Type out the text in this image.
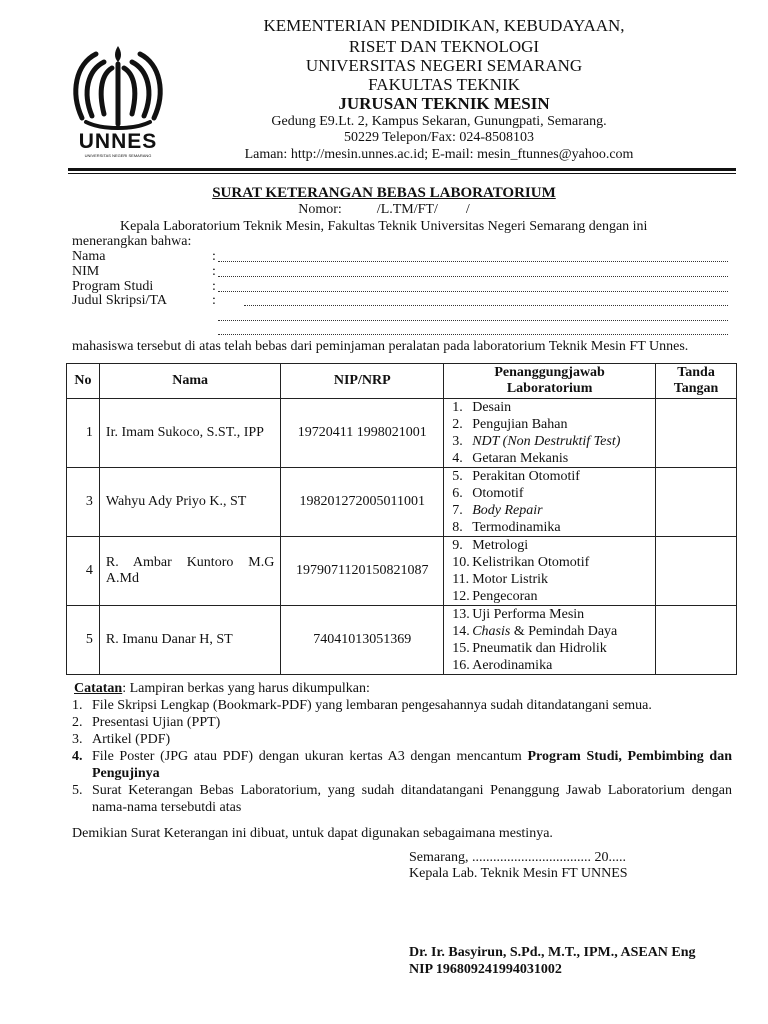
UNNES
UNIVERSITAS NEGERI SEMARANG
KEMENTERIAN PENDIDIKAN, KEBUDAYAAN,
RISET DAN TEKNOLOGI
UNIVERSITAS NEGERI SEMARANG
FAKULTAS TEKNIK
JURUSAN TEKNIK MESIN
Gedung E9.Lt. 2, Kampus Sekaran, Gunungpati, Semarang.
50229 Telepon/Fax: 024-8508103
Laman: http://mesin.unnes.ac.id; E-mail: mesin_ftunnes@yahoo.com
SURAT KETERANGAN BEBAS LABORATORIUM
Nomor:          /L.TM/FT/        /
Kepala Laboratorium Teknik Mesin, Fakultas Teknik Universitas Negeri Semarang dengan ini
menerangkan bahwa:
Nama	:
NIM	:
Program Studi	:
Judul Skripsi/TA	:
mahasiswa tersebut di atas telah bebas dari peminjaman peralatan pada laboratorium Teknik Mesin FT Unnes.
No	Nama	NIP/NRP	Penanggungjawab Laboratorium	Tanda Tangan
1	Ir. Imam Sukoco, S.ST., IPP	19720411 1998021001	1. Desain
2. Pengujian Bahan
3. NDT (Non Destruktif Test)
4. Getaran Mekanis	

3	Wahyu Ady Priyo K., ST	198201272005011001	5. Perakitan Otomotif
6. Otomotif
7. Body Repair
8. Termodinamika	

4	R. Ambar Kuntoro M.G A.Md	1979071120150821087	9. Metrologi
10. Kelistrikan Otomotif
11. Motor Listrik
12. Pengecoran	

5	R. Imanu Danar H, ST	74041013051369	13. Uji Performa Mesin
14. Chasis & Pemindah Daya
15. Pneumatik dan Hidrolik
16. Aerodinamika	

Catatan: Lampiran berkas yang harus dikumpulkan:
1. File Skripsi Lengkap (Bookmark-PDF) yang lembaran pengesahannya sudah ditandatangani semua.
2. Presentasi Ujian (PPT)
3. Artikel (PDF)
4. File Poster (JPG atau PDF) dengan ukuran kertas A3 dengan mencantum Program Studi, Pembimbing dan Pengujinya
5. Surat Keterangan Bebas Laboratorium, yang sudah ditandatangani Penanggung Jawab Laboratorium dengan nama-nama tersebutdi atas
Demikian Surat Keterangan ini dibuat, untuk dapat digunakan sebagaimana mestinya.
Semarang, .................................. 20.....
Kepala Lab. Teknik Mesin FT UNNES
Dr. Ir. Basyirun, S.Pd., M.T., IPM., ASEAN Eng
NIP 196809241994031002
